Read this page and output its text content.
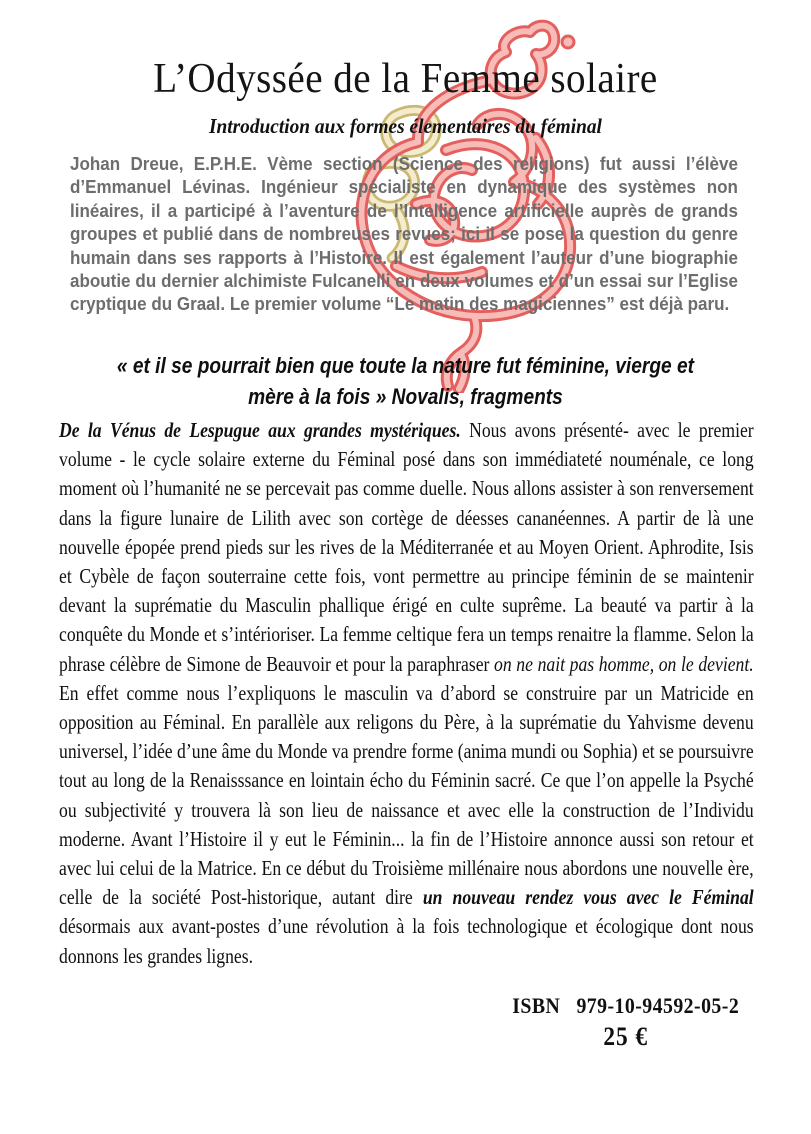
L’Odyssée de la Femme solaire
Introduction aux formes élementaires du féminal

Johan Dreue, E.P.H.E. Vème section (Science des religions) fut aussi l’élève d’Emmanuel Lévinas. Ingénieur spécialiste en dynamique des systèmes non linéaires, il a participé à l’aventure de l’Intelligence artificielle auprès de grands groupes et publié dans de nombreuses revues; ici il se pose la question du genre humain dans ses rapports à l’Histoire. Il est également l’auteur d’une biographie aboutie du dernier alchimiste Fulcanelli en deux volumes et d’un essai sur l’Eglise cryptique du Graal. Le premier volume “Le matin des magiciennes” est déjà paru.

« et il se pourrait bien que toute la nature fut féminine, vierge et
mère à la fois » Novalis, fragments

De la Vénus de Lespugue aux grandes mystériques. Nous avons présenté- avec le premier volume - le cycle solaire externe du Féminal posé dans son immédiateté nouménale, ce long moment où l’humanité ne se percevait pas comme duelle. Nous allons assister à son renversement dans la figure lunaire de Lilith avec son cortège de déesses cananéennes. A partir de là une nouvelle épopée prend pieds sur les rives de la Méditerranée et au Moyen Orient. Aphrodite, Isis et Cybèle de façon souterraine cette fois, vont permettre au principe féminin de se maintenir devant la suprématie du Masculin phallique érigé en culte suprême. La beauté va partir à la conquête du Monde et s’intérioriser. La femme celtique fera un temps renaitre la flamme. Selon la phrase célèbre de Simone de Beauvoir et pour la paraphraser on ne nait pas homme, on le devient. En effet comme nous l’expliquons le masculin va d’abord se construire par un Matricide en opposition au Féminal. En parallèle aux religons du Père, à la suprématie du Yahvisme devenu universel, l’idée d’une âme du Monde va prendre forme (anima mundi ou Sophia) et se poursuivre tout au long de la Renaisssance en lointain écho du Féminin sacré. Ce que l’on appelle la Psyché ou subjectivité y trouvera là son lieu de naissance et avec elle la construction de l’Individu moderne. Avant l’Histoire il y eut le Féminin... la fin de l’Histoire annonce aussi son retour et avec lui celui de la Matrice. En ce début du Troisième millénaire nous abordons une nouvelle ère, celle de la société Post-historique, autant dire un nouveau rendez vous avec le Féminal désormais aux avant-postes d’une révolution à la fois technologique et écologique dont nous donnons les grandes lignes.

ISBN 979-10-94592-05-2
25 €
